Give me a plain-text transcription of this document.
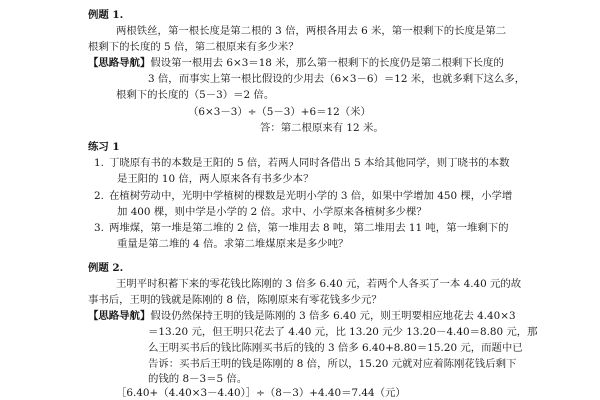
例题 1.
两根铁丝，第一根长度是第二根的 3 倍，两根各用去 6 米，第一根剩下的长度是第二
根剩下的长度的 5 倍，第二根原来有多少米？
【思路导航】假设第一根用去 6×3＝18 米，那么第一根剩下的长度仍是第二根剩下长度的
3 倍，而事实上第一根比假设的少用去（6×3－6）＝12 米，也就多剩下这么多，
根剩下的长度的（5－3）＝2 倍。
（6×3－3）÷（5－3）+6＝12（米）
答：第二根原来有 12 米。
练习 1
1. 丁晓原有书的本数是王阳的 5 倍，若两人同时各借出 5 本给其他同学，则丁晓书的本数
是王阳的 10 倍，两人原来各有书多少本？
2. 在植树劳动中，光明中学植树的棵数是光明小学的 3 倍，如果中学增加 450 棵，小学增
加 400 棵，则中学是小学的 2 倍。求中、小学原来各植树多少棵？
3. 两堆煤，第一堆是第二堆的 2 倍，第一堆用去 8 吨，第二堆用去 11 吨，第一堆剩下的
重量是第二堆的 4 倍。求第二堆煤原来是多少吨？
例题 2.
王明平时积蓄下来的零花钱比陈刚的 3 倍多 6.40 元，若两个人各买了一本 4.40 元的故
事书后，王明的钱就是陈刚的 8 倍，陈刚原来有零花钱多少元？
【思路导航】假设仍然保持王明的钱是陈刚的 3 倍多 6.40 元，则王明要相应地花去 4.40×3
＝13.20 元，但王明只花去了 4.40 元，比 13.20 元少 13.20－4.40＝8.80 元，那
么王明买书后的钱比陈刚买书后的钱的 3 倍多 6.40+8.80＝15.20 元，而题中已
告诉：买书后王明的钱是陈刚的 8 倍，所以，15.20 元就对应着陈刚花钱后剩下
的钱的 8－3＝5 倍。
［6.40+（4.40×3－4.40）］÷（8－3）+4.40＝7.44（元）
